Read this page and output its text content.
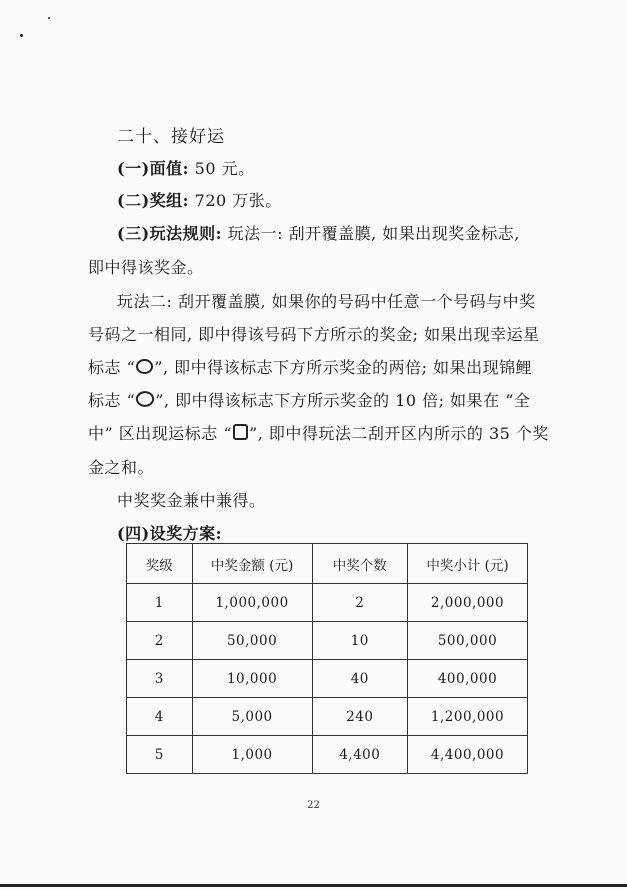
二十、接好运
(一)面值: 50 元。
(二)奖组: 720 万张。
(三)玩法规则: 玩法一: 刮开覆盖膜, 如果出现奖金标志,
即中得该奖金。
玩法二: 刮开覆盖膜, 如果你的号码中任意一个号码与中奖
号码之一相同, 即中得该号码下方所示的奖金; 如果出现幸运星
标志 “ ”, 即中得该标志下方所示奖金的两倍; 如果出现锦鲤
标志 “ ”, 即中得该标志下方所示奖金的 10 倍; 如果在 “全
中” 区出现运标志 “ ”, 即中得玩法二刮开区内所示的 35 个奖
金之和。
中奖奖金兼中兼得。
(四)设奖方案:
奖级	中奖金额 (元)	中奖个数	中奖小计 (元)
1	1,000,000	2	2,000,000
2	50,000	10	500,000
3	10,000	40	400,000
4	5,000	240	1,200,000
5	1,000	4,400	4,400,000
22
